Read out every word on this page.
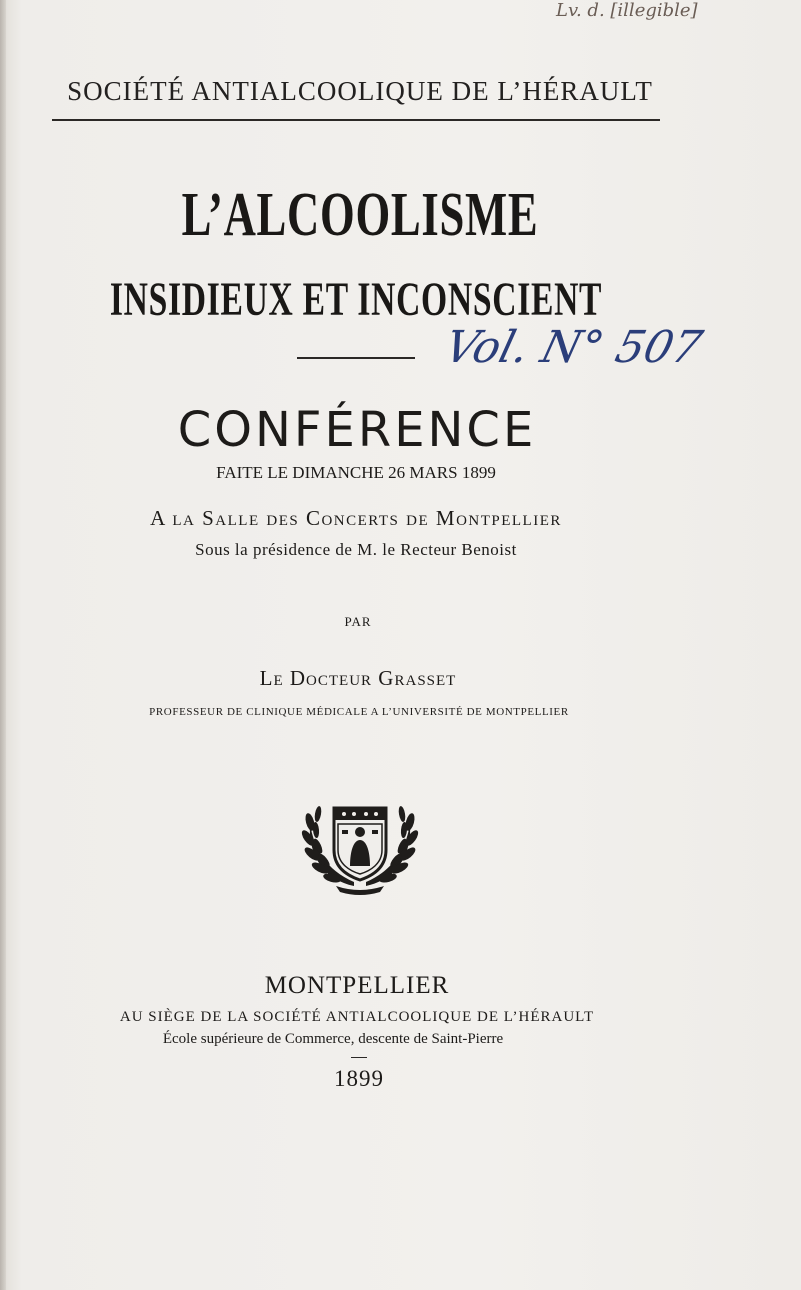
Lv. d. [illegible]
SOCIÉTÉ ANTIALCOOLIQUE DE L’HÉRAULT
L’ALCOOLISME
INSIDIEUX ET INCONSCIENT
Vol. N° 507
CONFÉRENCE
FAITE LE DIMANCHE 26 MARS 1899
A la Salle des Concerts de Montpellier
Sous la présidence de M. le Recteur Benoist
PAR
Le Docteur Grasset
PROFESSEUR DE CLINIQUE MÉDICALE A L’UNIVERSITÉ DE MONTPELLIER
MONTPELLIER
AU SIÈGE DE LA SOCIÉTÉ ANTIALCOOLIQUE DE L’HÉRAULT
École supérieure de Commerce, descente de Saint-Pierre
1899
